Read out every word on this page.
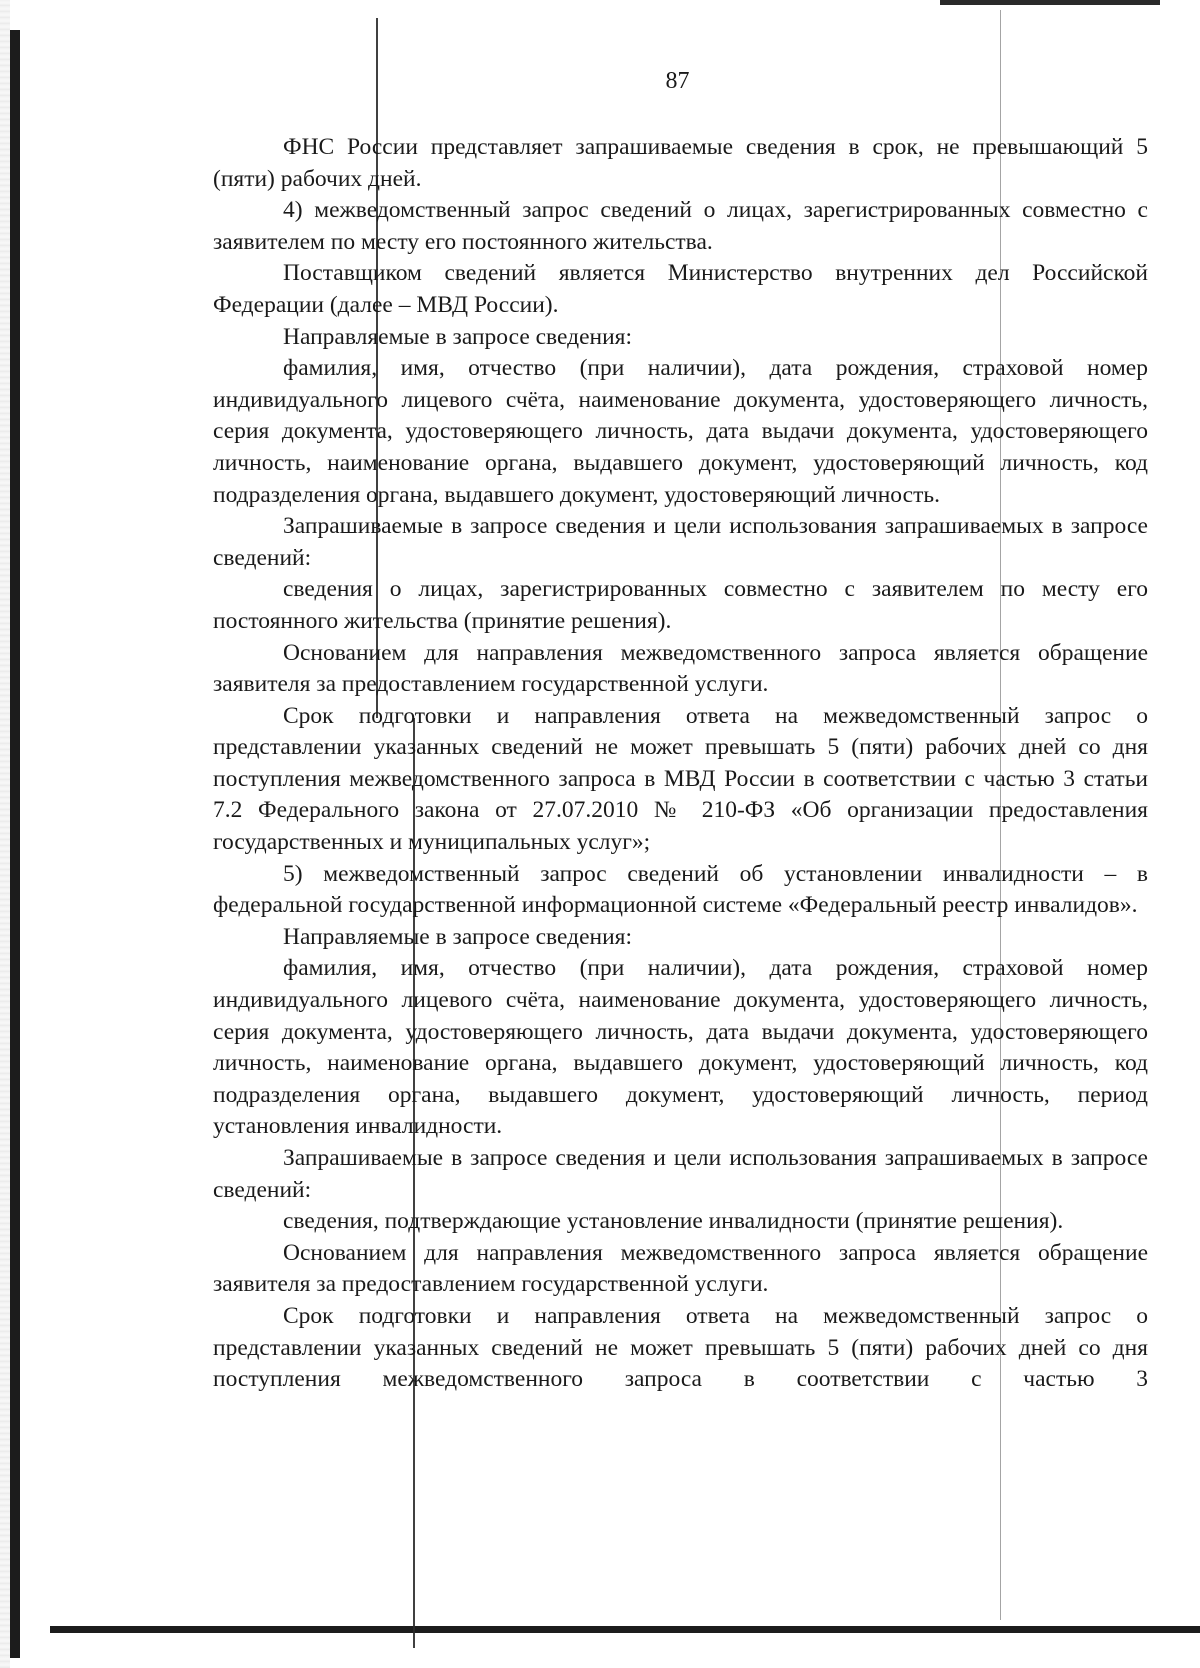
87

ФНС России представляет запрашиваемые сведения в срок, не превышающий 5 (пяти) рабочих дней.

4) межведомственный запрос сведений о лицах, зарегистрированных совместно с заявителем по месту его постоянного жительства.

Поставщиком сведений является Министерство внутренних дел Российской Федерации (далее – МВД России).

Направляемые в запросе сведения:

фамилия, имя, отчество (при наличии), дата рождения, страховой номер индивидуального лицевого счёта, наименование документа, удостоверяющего личность, серия документа, удостоверяющего личность, дата выдачи документа, удостоверяющего личность, наименование органа, выдавшего документ, удостоверяющий личность, код подразделения органа, выдавшего документ, удостоверяющий личность.

Запрашиваемые в запросе сведения и цели использования запрашиваемых в запросе сведений:

сведения о лицах, зарегистрированных совместно с заявителем по месту его постоянного жительства (принятие решения).

Основанием для направления межведомственного запроса является обращение заявителя за предоставлением государственной услуги.

Срок подготовки и направления ответа на межведомственный запрос о представлении указанных сведений не может превышать 5 (пяти) рабочих дней со дня поступления межведомственного запроса в МВД России в соответствии с частью 3 статьи 7.2 Федерального закона от 27.07.2010 № 210-ФЗ «Об организации предоставления государственных и муниципальных услуг»;

5) межведомственный запрос сведений об установлении инвалидности – в федеральной государственной информационной системе «Федеральный реестр инвалидов».

Направляемые в запросе сведения:

фамилия, имя, отчество (при наличии), дата рождения, страховой номер индивидуального лицевого счёта, наименование документа, удостоверяющего личность, серия документа, удостоверяющего личность, дата выдачи документа, удостоверяющего личность, наименование органа, выдавшего документ, удостоверяющий личность, код подразделения органа, выдавшего документ, удостоверяющий личность, период установления инвалидности.

Запрашиваемые в запросе сведения и цели использования запрашиваемых в запросе сведений:

сведения, подтверждающие установление инвалидности (принятие решения).

Основанием для направления межведомственного запроса является обращение заявителя за предоставлением государственной услуги.

Срок подготовки и направления ответа на межведомственный запрос о представлении указанных сведений не может превышать 5 (пяти) рабочих дней со дня поступления межведомственного запроса в соответствии с частью 3
